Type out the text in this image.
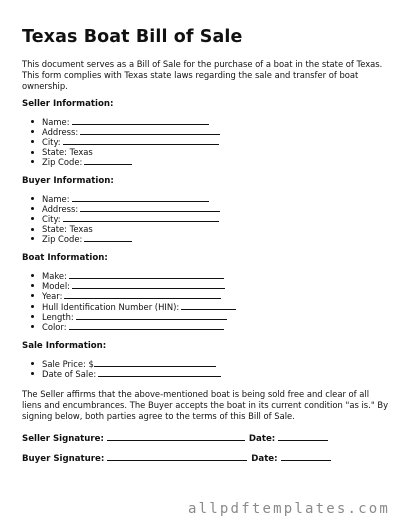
Texas Boat Bill of Sale

This document serves as a Bill of Sale for the purchase of a boat in the state of Texas. This form complies with Texas state laws regarding the sale and transfer of boat ownership.

Seller Information:
Name:
Address:
City:
State: Texas
Zip Code:
Buyer Information:
Name:
Address:
City:
State: Texas
Zip Code:
Boat Information:
Make:
Model:
Year:
Hull Identification Number (HIN):
Length:
Color:
Sale Information:
Sale Price: $
Date of Sale:

The Seller affirms that the above-mentioned boat is being sold free and clear of all liens and encumbrances. The Buyer accepts the boat in its current condition "as is." By signing below, both parties agree to the terms of this Bill of Sale.

Seller Signature:	Date:
Buyer Signature:	Date:
allpdftemplates.com
